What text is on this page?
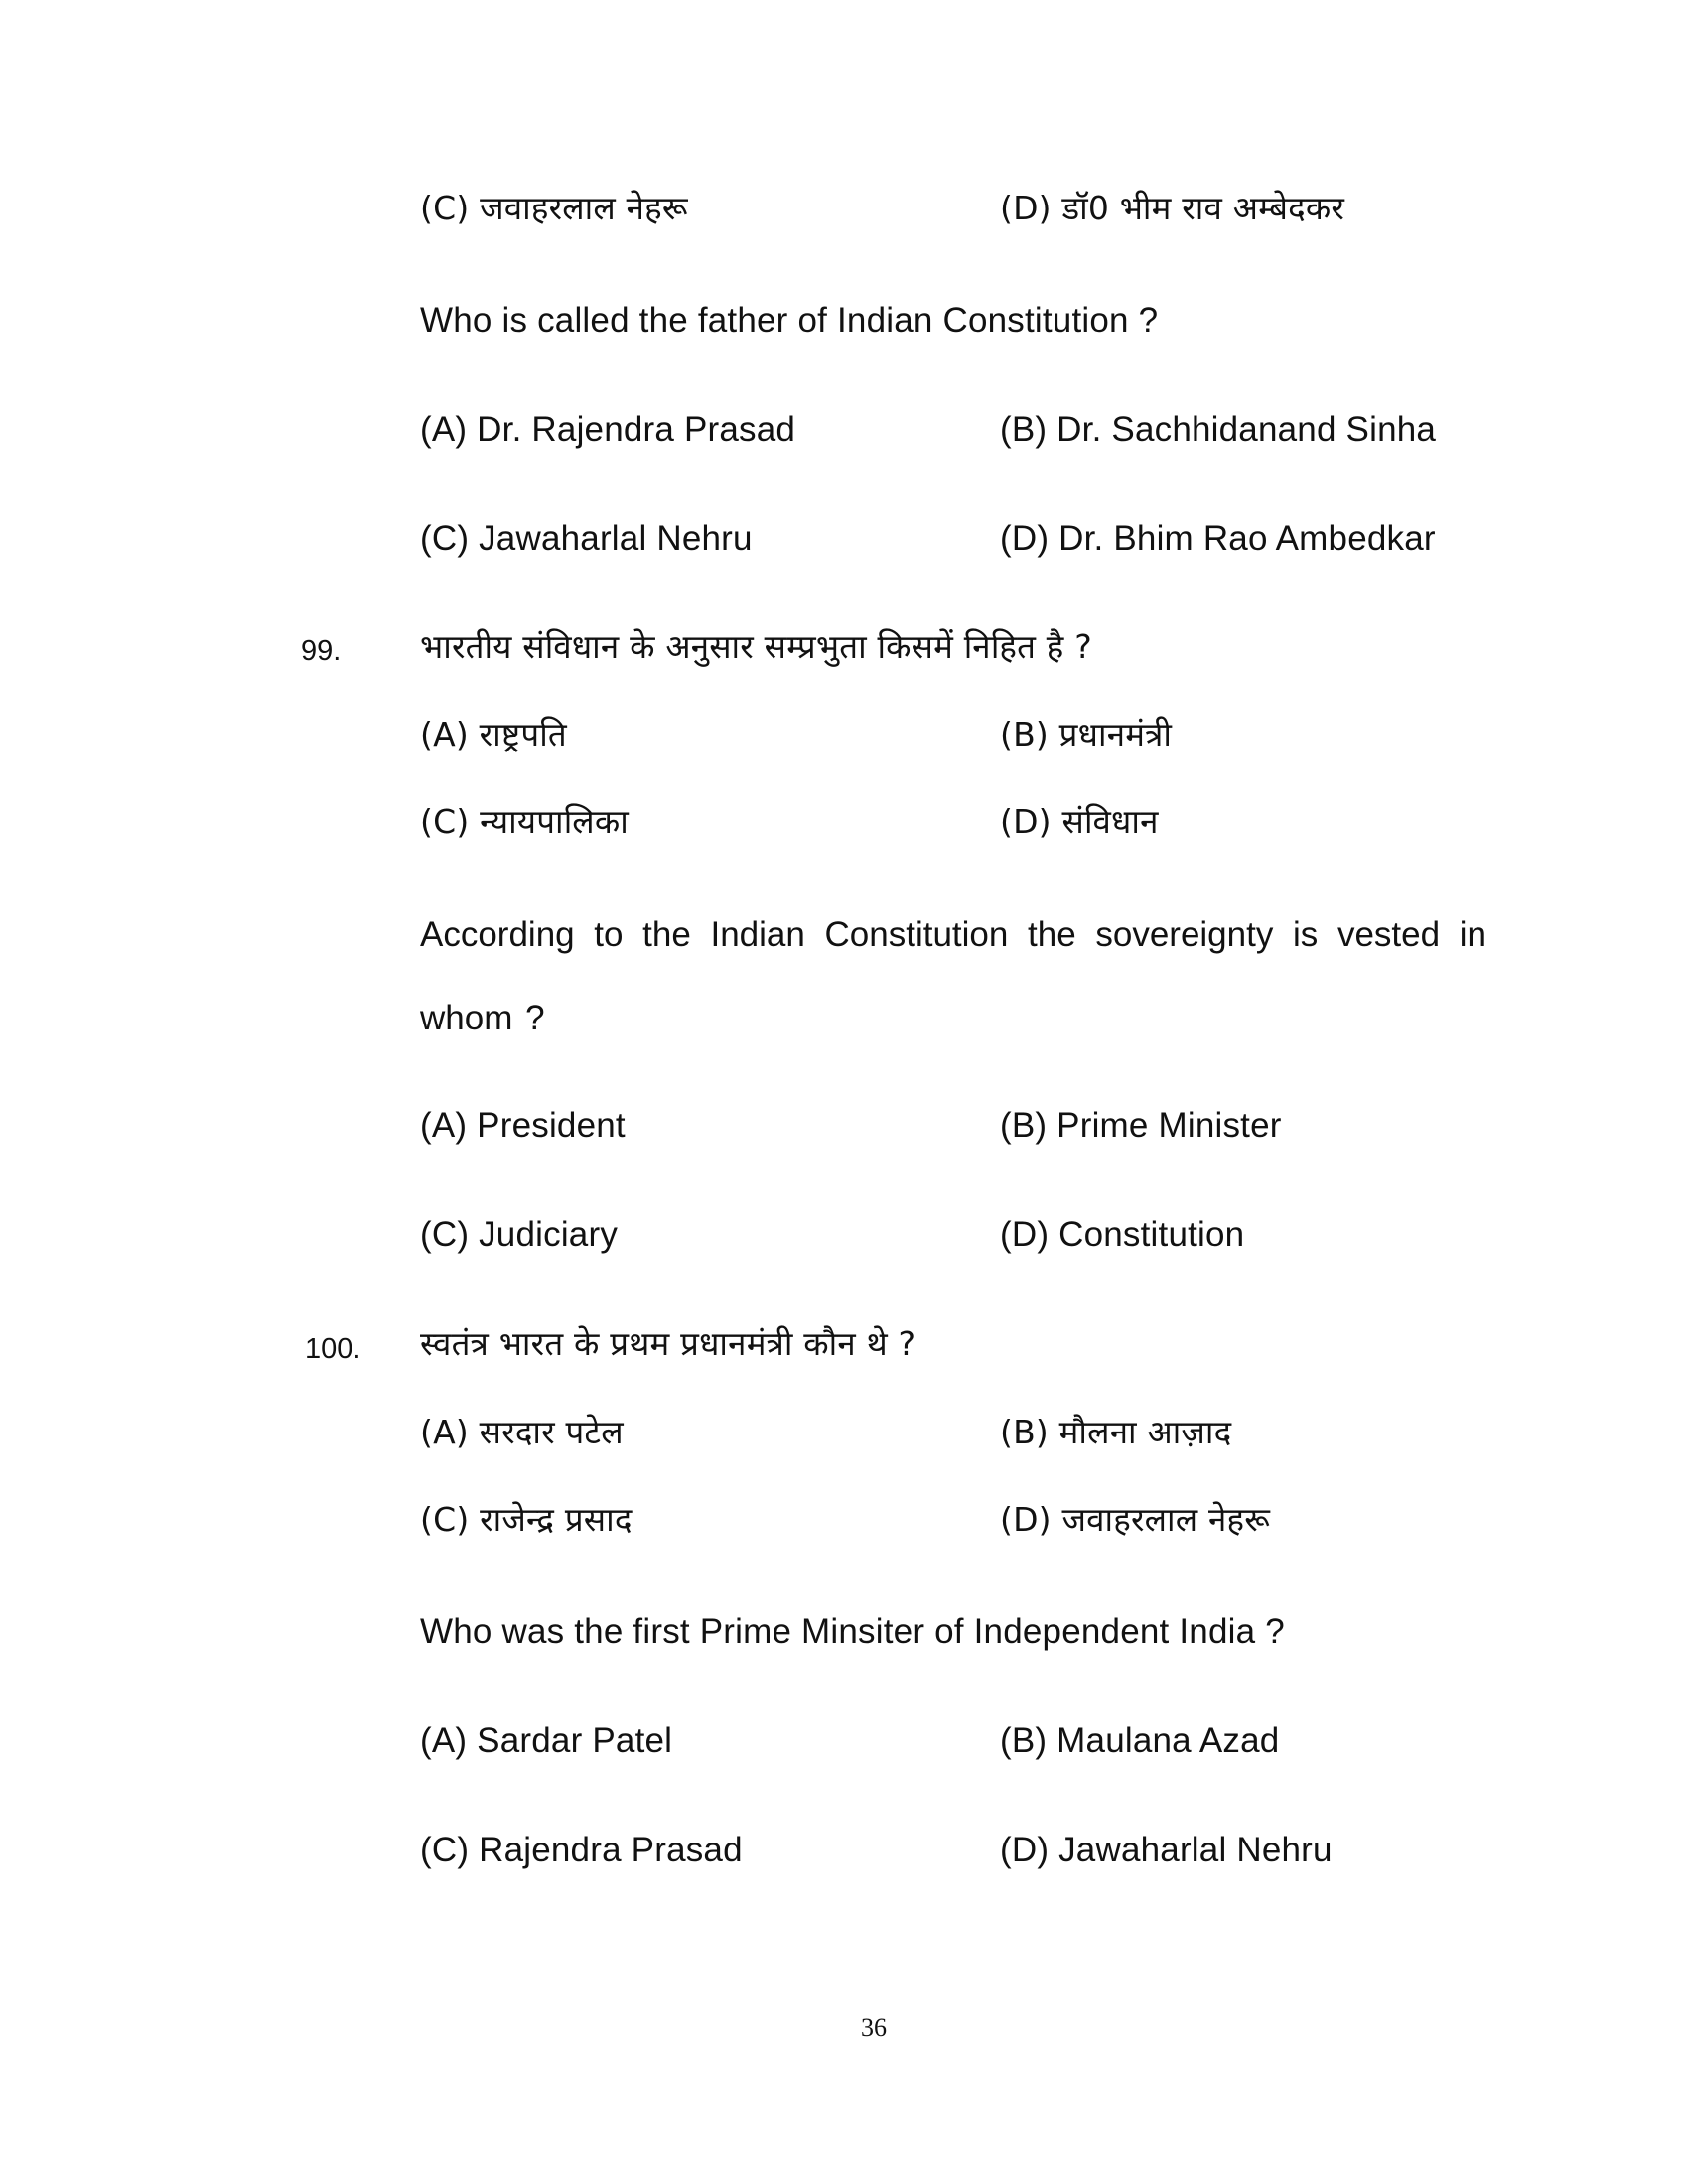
(C) जवाहरलाल नेहरू	(D) डॉ0 भीम राव अम्बेदकर
Who is called the father of Indian Constitution ?
(A) Dr. Rajendra Prasad	(B) Dr. Sachhidanand Sinha
(C) Jawaharlal Nehru	(D) Dr. Bhim Rao Ambedkar
99. भारतीय संविधान के अनुसार सम्प्रभुता किसमें निहित है ?
(A) राष्ट्रपति	(B) प्रधानमंत्री
(C) न्यायपालिका	(D) संविधान
According to the Indian Constitution the sovereignty is vested in whom ?
(A) President	(B) Prime Minister
(C) Judiciary	(D) Constitution
100. स्वतंत्र भारत के प्रथम प्रधानमंत्री कौन थे ?
(A) सरदार पटेल	(B) मौलना आज़ाद
(C) राजेन्द्र प्रसाद	(D) जवाहरलाल नेहरू
Who was the first Prime Minsiter of Independent India ?
(A) Sardar Patel	(B) Maulana Azad
(C) Rajendra Prasad	(D) Jawaharlal Nehru
36
